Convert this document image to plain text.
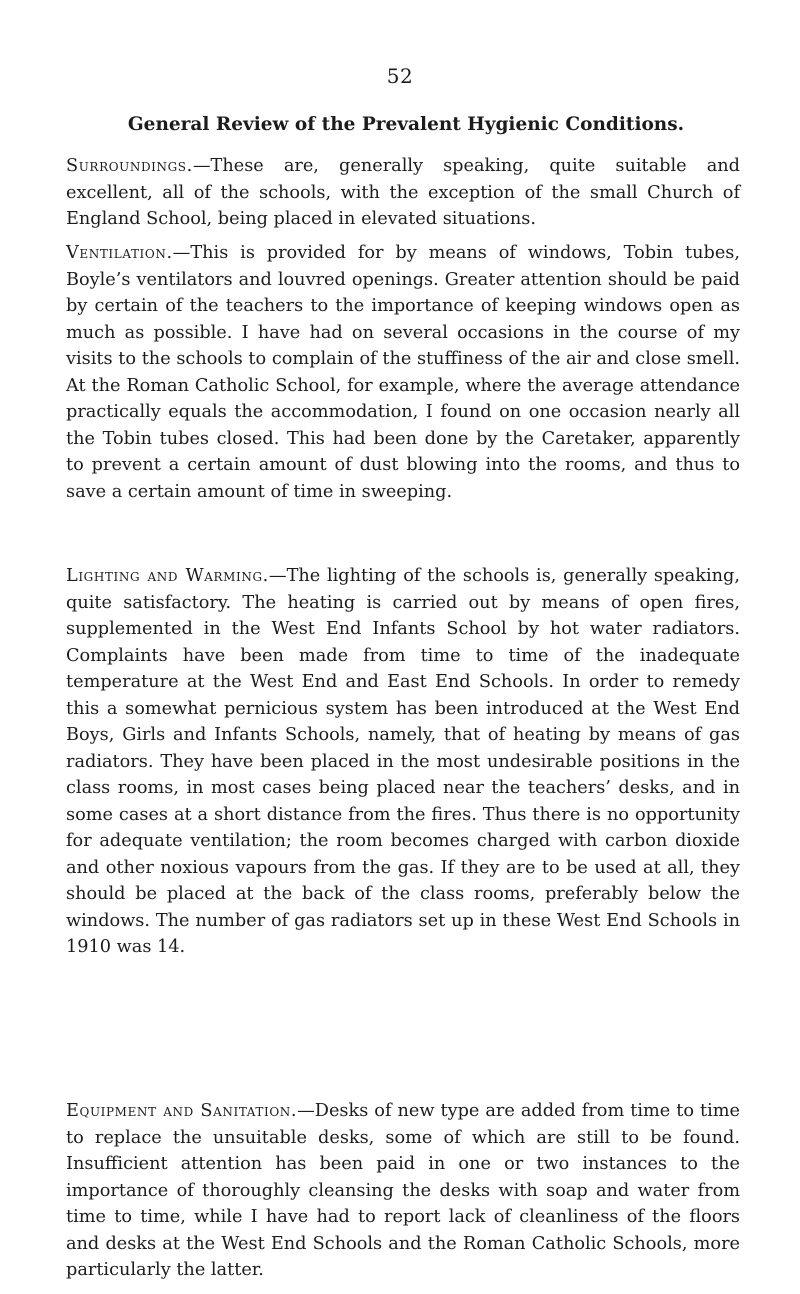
52
General Review of the Prevalent Hygienic Conditions.

Surroundings.—These are, generally speaking, quite suitable and excellent, all of the schools, with the exception of the small Church of England School, being placed in elevated situations.

Ventilation.—This is provided for by means of windows, Tobin tubes, Boyle’s ventilators and louvred openings. Greater attention should be paid by certain of the teachers to the importance of keeping windows open as much as possible. I have had on several occasions in the course of my visits to the schools to complain of the stuffiness of the air and close smell. At the Roman Catholic School, for example, where the average attendance practically equals the accommodation, I found on one occasion nearly all the Tobin tubes closed. This had been done by the Caretaker, apparently to prevent a certain amount of dust blowing into the rooms, and thus to save a certain amount of time in sweeping.

Lighting and Warming.—The lighting of the schools is, generally speaking, quite satisfactory. The heating is carried out by means of open fires, supplemented in the West End Infants School by hot water radiators. Complaints have been made from time to time of the inadequate temperature at the West End and East End Schools. In order to remedy this a somewhat pernicious system has been introduced at the West End Boys, Girls and Infants Schools, namely, that of heating by means of gas radiators. They have been placed in the most undesirable positions in the class rooms, in most cases being placed near the teachers’ desks, and in some cases at a short distance from the fires. Thus there is no opportunity for adequate ventilation; the room becomes charged with carbon dioxide and other noxious vapours from the gas. If they are to be used at all, they should be placed at the back of the class rooms, preferably below the windows. The number of gas radiators set up in these West End Schools in 1910 was 14.

Equipment and Sanitation.—Desks of new type are added from time to time to replace the unsuitable desks, some of which are still to be found. Insufficient attention has been paid in one or two instances to the importance of thoroughly cleansing the desks with soap and water from time to time, while I have had to report lack of cleanliness of the floors and desks at the West End Schools and the Roman Catholic Schools, more particularly the latter.
